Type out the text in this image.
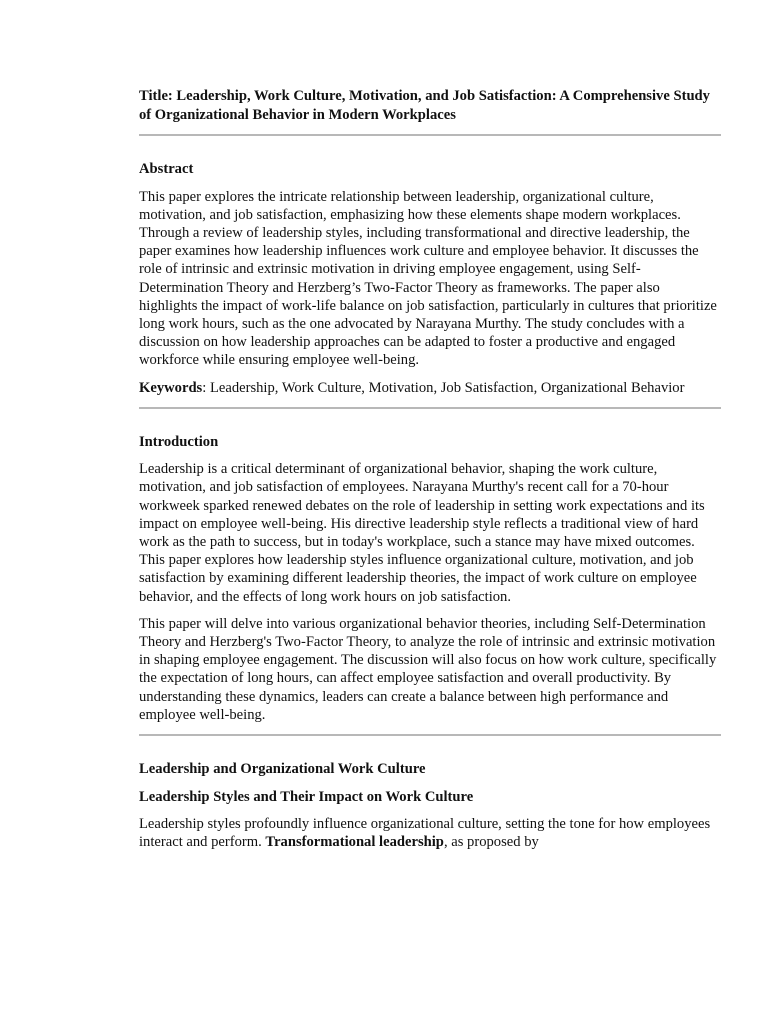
Title: Leadership, Work Culture, Motivation, and Job Satisfaction: A Comprehensive Study of Organizational Behavior in Modern Workplaces

Abstract

This paper explores the intricate relationship between leadership, organizational culture, motivation, and job satisfaction, emphasizing how these elements shape modern workplaces. Through a review of leadership styles, including transformational and directive leadership, the paper examines how leadership influences work culture and employee behavior. It discusses the role of intrinsic and extrinsic motivation in driving employee engagement, using Self-Determination Theory and Herzberg’s Two-Factor Theory as frameworks. The paper also highlights the impact of work-life balance on job satisfaction, particularly in cultures that prioritize long work hours, such as the one advocated by Narayana Murthy. The study concludes with a discussion on how leadership approaches can be adapted to foster a productive and engaged workforce while ensuring employee well-being.

Keywords: Leadership, Work Culture, Motivation, Job Satisfaction, Organizational Behavior

Introduction

Leadership is a critical determinant of organizational behavior, shaping the work culture, motivation, and job satisfaction of employees. Narayana Murthy's recent call for a 70-hour workweek sparked renewed debates on the role of leadership in setting work expectations and its impact on employee well-being. His directive leadership style reflects a traditional view of hard work as the path to success, but in today's workplace, such a stance may have mixed outcomes. This paper explores how leadership styles influence organizational culture, motivation, and job satisfaction by examining different leadership theories, the impact of work culture on employee behavior, and the effects of long work hours on job satisfaction.

This paper will delve into various organizational behavior theories, including Self-Determination Theory and Herzberg's Two-Factor Theory, to analyze the role of intrinsic and extrinsic motivation in shaping employee engagement. The discussion will also focus on how work culture, specifically the expectation of long hours, can affect employee satisfaction and overall productivity. By understanding these dynamics, leaders can create a balance between high performance and employee well-being.

Leadership and Organizational Work Culture

Leadership Styles and Their Impact on Work Culture

Leadership styles profoundly influence organizational culture, setting the tone for how employees interact and perform. Transformational leadership, as proposed by
